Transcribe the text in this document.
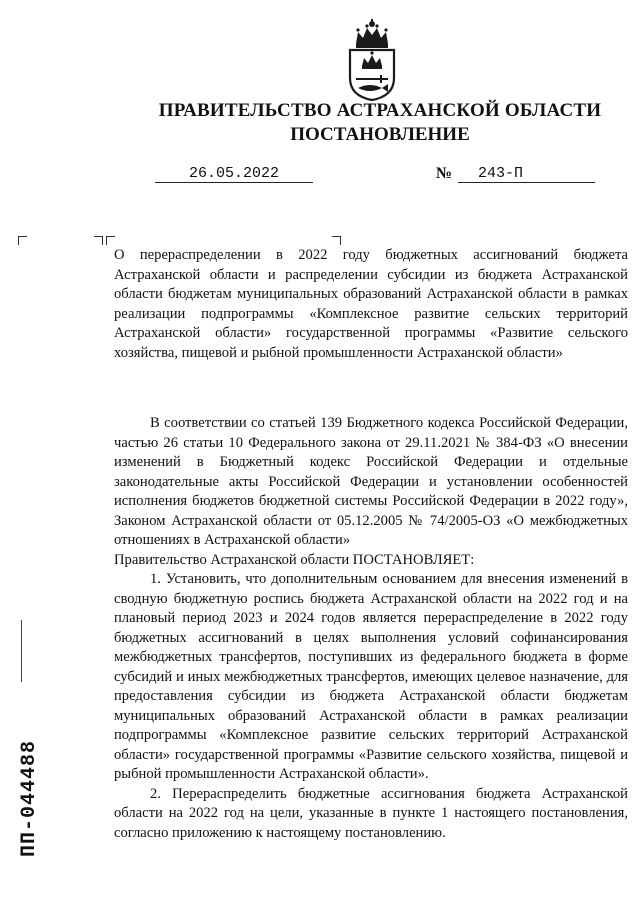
ПРАВИТЕЛЬСТВО АСТРАХАНСКОЙ ОБЛАСТИ
ПОСТАНОВЛЕНИЕ
26.05.2022	№	243-П
О перераспределении в 2022 году бюджетных ассигнований бюджета Астраханской области и распределении субсидии из бюджета Астраханской области бюджетам муниципальных образований Астраханской области в рамках реализации подпрограммы «Комплексное развитие сельских территорий Астраханской области» государственной программы «Развитие сельского хозяйства, пищевой и рыбной промышленности Астраханской области»

В соответствии со статьей 139 Бюджетного кодекса Российской Федерации, частью 26 статьи 10 Федерального закона от 29.11.2021 № 384-ФЗ «О внесении изменений в Бюджетный кодекс Российской Федерации и отдельные законодательные акты Российской Федерации и установлении особенностей исполнения бюджетов бюджетной системы Российской Федерации в 2022 году», Законом Астраханской области от 05.12.2005 № 74/2005-ОЗ «О межбюджетных отношениях в Астраханской области»

Правительство Астраханской области ПОСТАНОВЛЯЕТ:

1. Установить, что дополнительным основанием для внесения изменений в сводную бюджетную роспись бюджета Астраханской области на 2022 год и на плановый период 2023 и 2024 годов является перераспределение в 2022 году бюджетных ассигнований в целях выполнения условий софинансирования межбюджетных трансфертов, поступивших из федерального бюджета в форме субсидий и иных межбюджетных трансфертов, имеющих целевое назначение, для предоставления субсидии из бюджета Астраханской области бюджетам муниципальных образований Астраханской области в рамках реализации подпрограммы «Комплексное развитие сельских территорий Астраханской области» государственной программы «Развитие сельского хозяйства, пищевой и рыбной промышленности Астраханской области».

2. Перераспределить бюджетные ассигнования бюджета Астраханской области на 2022 год на цели, указанные в пункте 1 настоящего постановления, согласно приложению к настоящему постановлению.

ПП-044488
